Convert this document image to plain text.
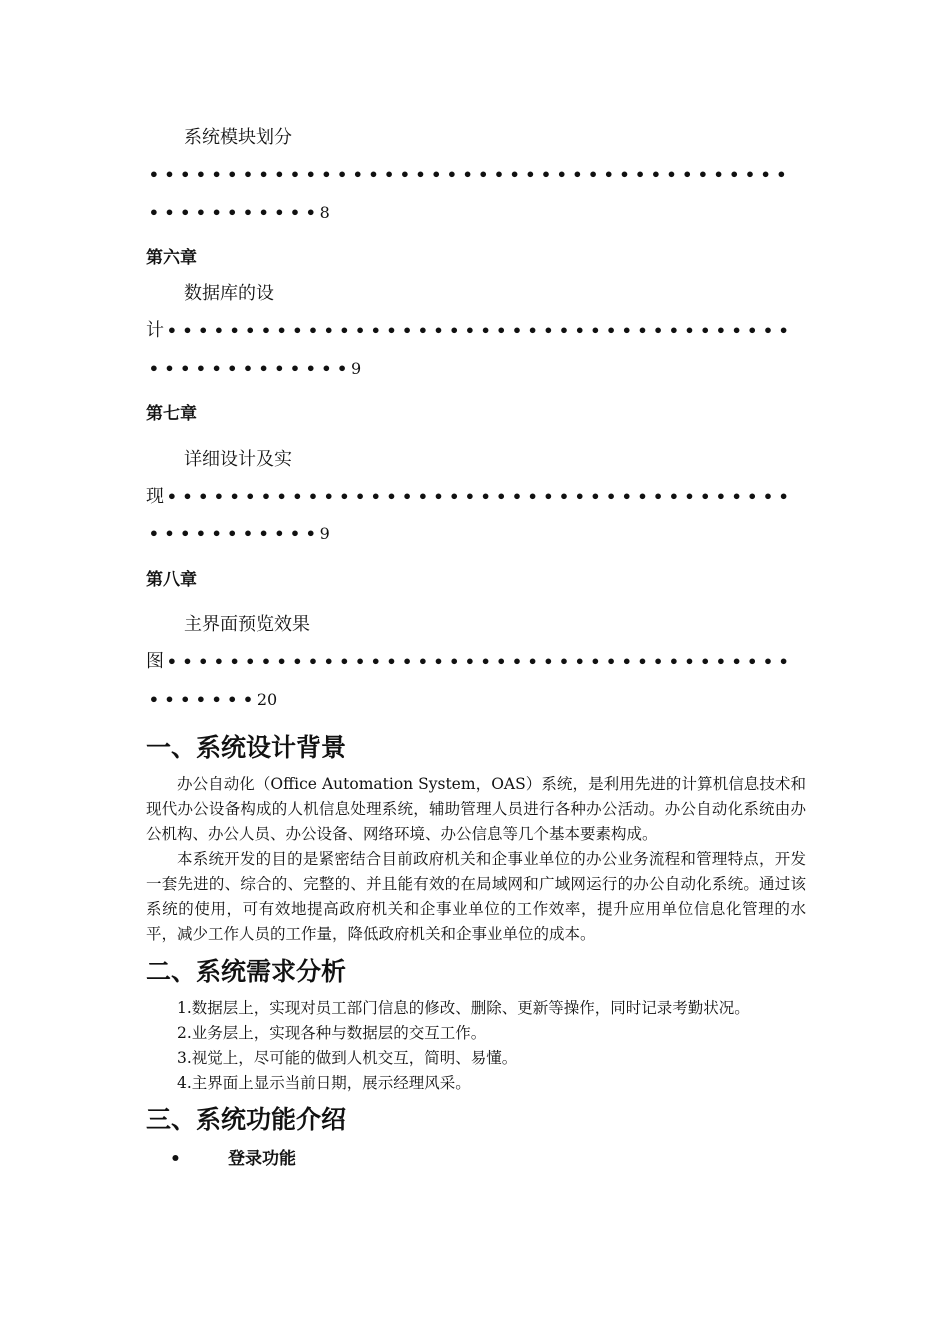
系统模块划分
• • • • • • • • • • • • • • • • • • • • • • • • • • • • • • • • • • • • • • • • •
• • • • • • • • • • • 8
第六章
数据库的设
计 • • • • • • • • • • • • • • • • • • • • • • • • • • • • • • • • • • • • • • • •
• • • • • • • • • • • • • 9
第七章
详细设计及实
现 • • • • • • • • • • • • • • • • • • • • • • • • • • • • • • • • • • • • • • • •
• • • • • • • • • • • 9
第八章
主界面预览效果
图 • • • • • • • • • • • • • • • • • • • • • • • • • • • • • • • • • • • • • • • •
• • • • • • • 20
一、系统设计背景

办公自动化（Office Automation System，OAS）系统，是利用先进的计算机信息技术和现代办公设备构成的人机信息处理系统，辅助管理人员进行各种办公活动。办公自动化系统由办公机构、办公人员、办公设备、网络环境、办公信息等几个基本要素构成。

本系统开发的目的是紧密结合目前政府机关和企事业单位的办公业务流程和管理特点，开发一套先进的、综合的、完整的、并且能有效的在局域网和广域网运行的办公自动化系统。通过该系统的使用，可有效地提高政府机关和企事业单位的工作效率，提升应用单位信息化管理的水平，减少工作人员的工作量，降低政府机关和企事业单位的成本。

二、系统需求分析
1.数据层上，实现对员工部门信息的修改、删除、更新等操作，同时记录考勤状况。
2.业务层上，实现各种与数据层的交互工作。
3.视觉上，尽可能的做到人机交互，简明、易懂。
4.主界面上显示当前日期，展示经理风采。
三、系统功能介绍
•	登录功能
